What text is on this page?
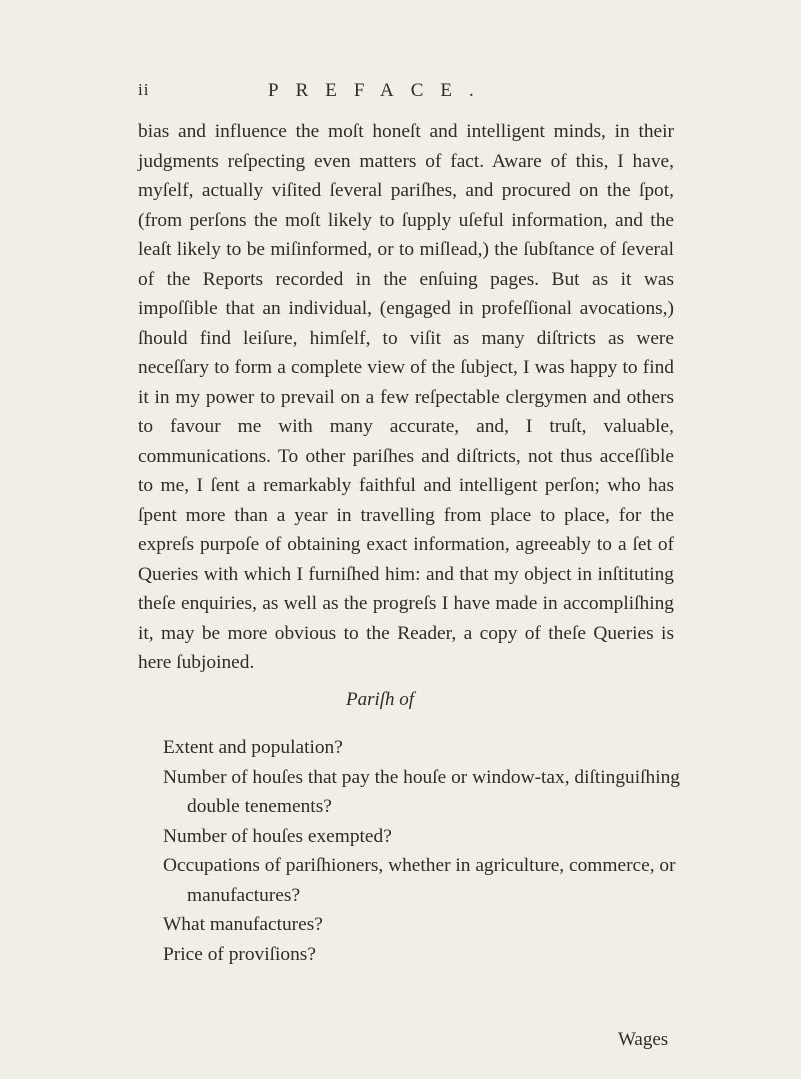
ii	PREFACE.

bias and influence the moſt honeſt and intelligent minds, in their judgments reſpecting even matters of fact. Aware of this, I have, myſelf, actually viſited ſeveral pariſhes, and procured on the ſpot, (from perſons the moſt likely to ſupply uſeful information, and the leaſt likely to be miſinformed, or to miſlead,) the ſubſtance of ſeveral of the Reports recorded in the enſuing pages. But as it was impoſſible that an individual, (engaged in profeſſional avocations,) ſhould find leiſure, himſelf, to viſit as many diſtricts as were neceſſary to form a complete view of the ſubject, I was happy to find it in my power to prevail on a few reſpectable clergymen and others to favour me with many accurate, and, I truſt, valuable, communications. To other pariſhes and diſtricts, not thus acceſſible to me, I ſent a remarkably faithful and intelligent perſon; who has ſpent more than a year in travelling from place to place, for the expreſs purpoſe of obtaining exact information, agreeably to a ſet of Queries with which I furniſhed him: and that my object in inſtituting theſe enquiries, as well as the progreſs I have made in accompliſhing it, may be more obvious to the Reader, a copy of theſe Queries is here ſubjoined.

Pariſh of
Extent and population?
Number of houſes that pay the houſe or window-tax, diſtinguiſhing double tenements?
Number of houſes exempted?
Occupations of pariſhioners, whether in agriculture, commerce, or manufactures?
What manufactures?
Price of proviſions?
Wages
